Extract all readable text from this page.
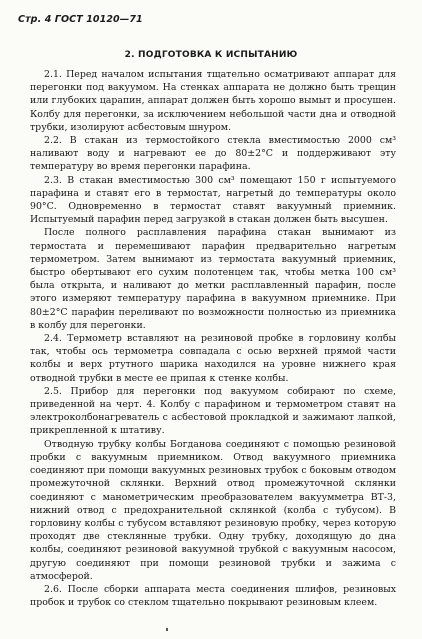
Стр. 4 ГОСТ 10120—71
2. ПОДГОТОВКА К ИСПЫТАНИЮ

2.1. Перед началом испытания тщательно осматривают аппарат для перегонки под вакуумом. На стенках аппарата не должно быть трещин или глубоких царапин, аппарат должен быть хорошо вымыт и просушен. Колбу для перегонки, за исключением небольшой части дна и отводной трубки, изолируют асбестовым шнуром.

2.2. В стакан из термостойкого стекла вместимостью 2000 см³ наливают воду и нагревают ее до 80±2°С и поддерживают эту температуру во время перегонки парафина.

2.3. В стакан вместимостью 300 см³ помещают 150 г испытуемого парафина и ставят его в термостат, нагретый до температуры около 90°С. Одновременно в термостат ставят вакуумный приемник. Испытуемый парафин перед загрузкой в стакан должен быть высушен.

После полного расплавления парафина стакан вынимают из термостата и перемешивают парафин предварительно нагретым термометром. Затем вынимают из термостата вакуумный приемник, быстро обертывают его сухим полотенцем так, чтобы метка 100 см³ была открыта, и наливают до метки расплавленный парафин, после этого измеряют температуру парафина в вакуумном приемнике. При 80±2°С парафин переливают по возможности полностью из приемника в колбу для перегонки.

2.4. Термометр вставляют на резиновой пробке в горловину колбы так, чтобы ось термометра совпадала с осью верхней прямой части колбы и верх ртутного шарика находился на уровне нижнего края отводной трубки в месте ее припая к стенке колбы.

2.5. Прибор для перегонки под вакуумом собирают по схеме, приведенной на черт. 4. Колбу с парафином и термометром ставят на электроколбонагреватель с асбестовой прокладкой и зажимают лапкой, прикрепленной к штативу.

Отводную трубку колбы Богданова соединяют с помощью резиновой пробки с вакуумным приемником. Отвод вакуумного приемника соединяют при помощи вакуумных резиновых трубок с боковым отводом промежуточной склянки. Верхний отвод промежуточной склянки соединяют с манометрическим преобразователем вакуумметра ВТ-3, нижний отвод с предохранительной склянкой (колба с тубусом). В горловину колбы с тубусом вставляют резиновую пробку, через которую проходят две стеклянные трубки. Одну трубку, доходящую до дна колбы, соединяют резиновой вакуумной трубкой с вакуумным насосом, другую соединяют при помощи резиновой трубки и зажима с атмосферой.

2.6. После сборки аппарата места соединения шлифов, резиновых пробок и трубок со стеклом тщательно покрывают резиновым клеем.
